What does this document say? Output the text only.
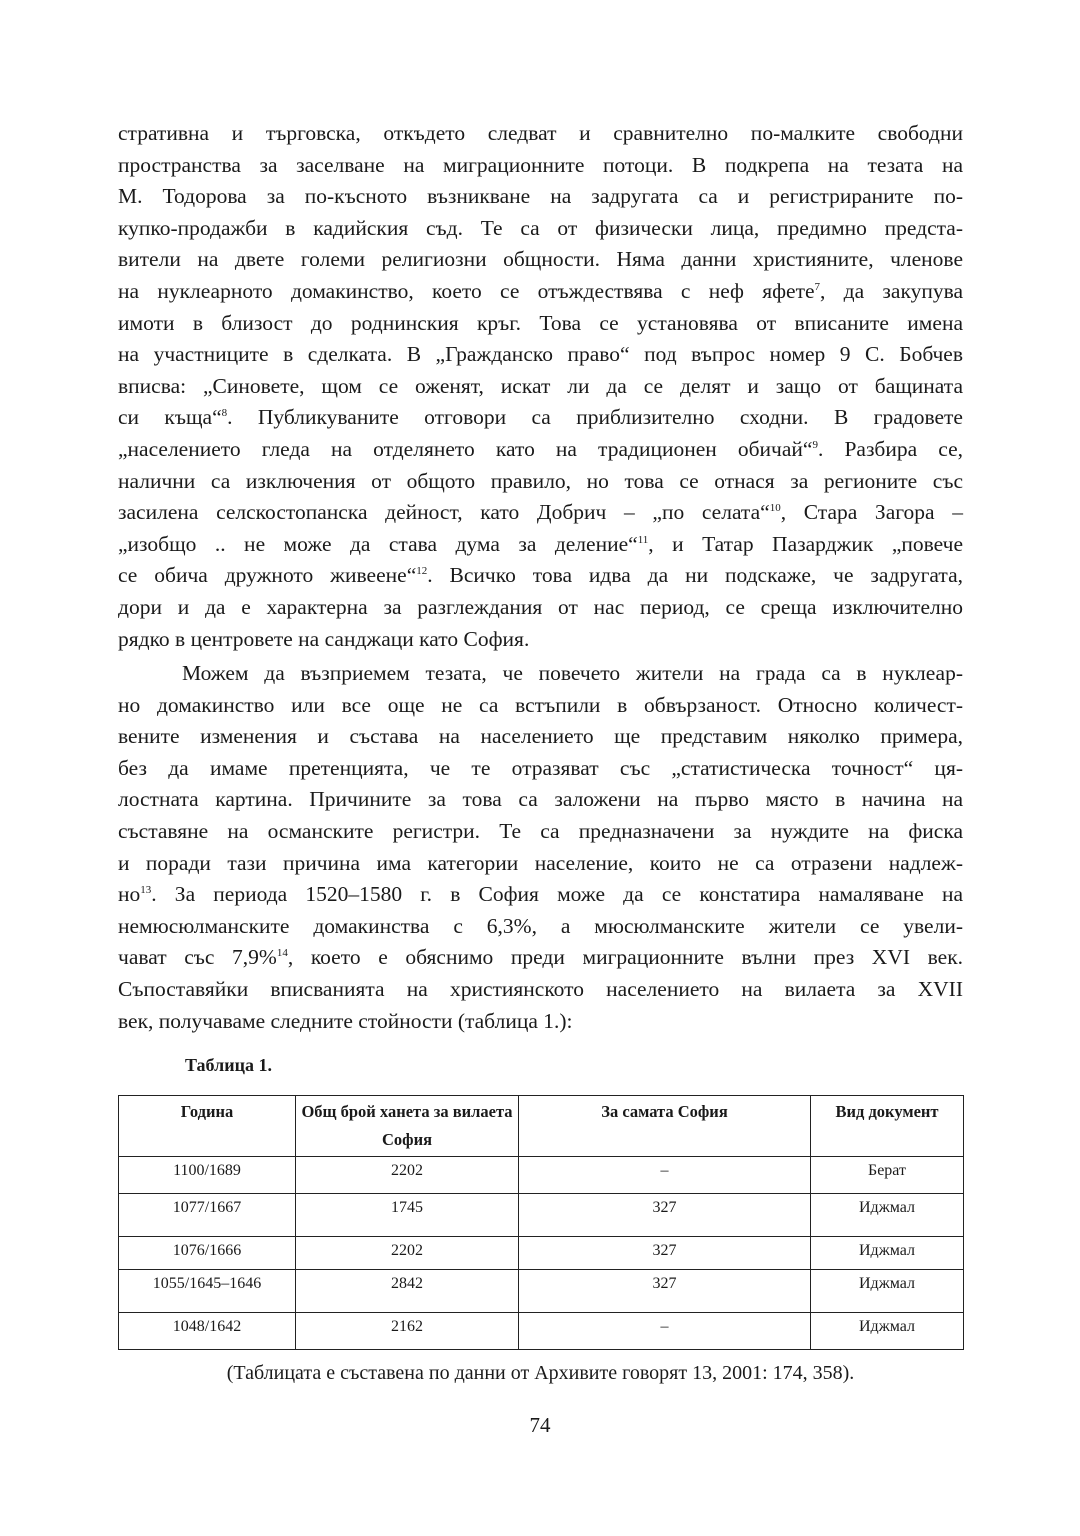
стративна и търговска, откъдето следват и сравнително по-малките свободни
пространства за заселване на миграционните потоци. В подкрепа на тезата на
М. Тодорова за по-късното възникване на задругата са и регистрираните по-
купко-продажби в кадийския съд. Те са от физически лица, предимно предста-
вители на двете големи религиозни общности. Няма данни християните, членове
на нуклеарното домакинство, което се отъждествява с неф яфете$^7$, да закупува
имоти в близост до роднинския кръг. Това се установява от вписаните имена
на участниците в сделката. В „Гражданско право“ под въпрос номер 9 С. Бобчев
вписва: „Синовете, щом се оженят, искат ли да се делят и защо от бащината
си къща“$^8$. Публикуваните отговори са приблизително сходни. В градовете
„населението гледа на отделянето като на традиционен обичай“$^9$. Разбира се,
налични са изключения от общото правило, но това се отнася за регионите със
засилена селскостопанска дейност, като Добрич – „по селата“$^{10}$, Стара Загора –
„изобщо .. не може да става дума за деление“$^{11}$, и Татар Пазарджик „повече
се обича дружното живеене“$^{12}$. Всичко това идва да ни подскаже, че задругата,
дори и да е характерна за разглеждания от нас период, се среща изключително
рядко в центровете на санджаци като София.

Можем да възприемем тезата, че повечето жители на града са в нуклеар-
но домакинство или все още не са встъпили в обвързаност. Относно количест-
вените изменения и състава на населението ще представим няколко примера,
без да имаме претенцията, че те отразяват със „статистическа точност“ ця-
лостната картина. Причините за това са заложени на първо място в начина на
съставяне на османските регистри. Те са предназначени за нуждите на фиска
и поради тази причина има категории население, които не са отразени надлеж-
$но^{13}$. За периода 1520–1580 г. в София може да се констатира намаляване на
немюсюлманските домакинства с 6,3%, а мюсюлманските жители се увели-
чават със 7,9%$^{14}$, което е обяснимо преди миграционните вълни през XVI век.
Съпоставяйки вписванията на християнското населението на вилаета за XVII
век, получаваме следните стойности (таблица 1.):

Таблица 1.
Година	Общ брой ханета за вилаета София	За самата София	Вид документ
1100/1689	2202	–	Берат
1077/1667	1745	327	Иджмал
1076/1666	2202	327	Иджмал
1055/1645–1646	2842	327	Иджмал
1048/1642	2162	–	Иджмал
(Таблицата е съставена по данни от Архивите говорят 13, 2001: 174, 358).
74
